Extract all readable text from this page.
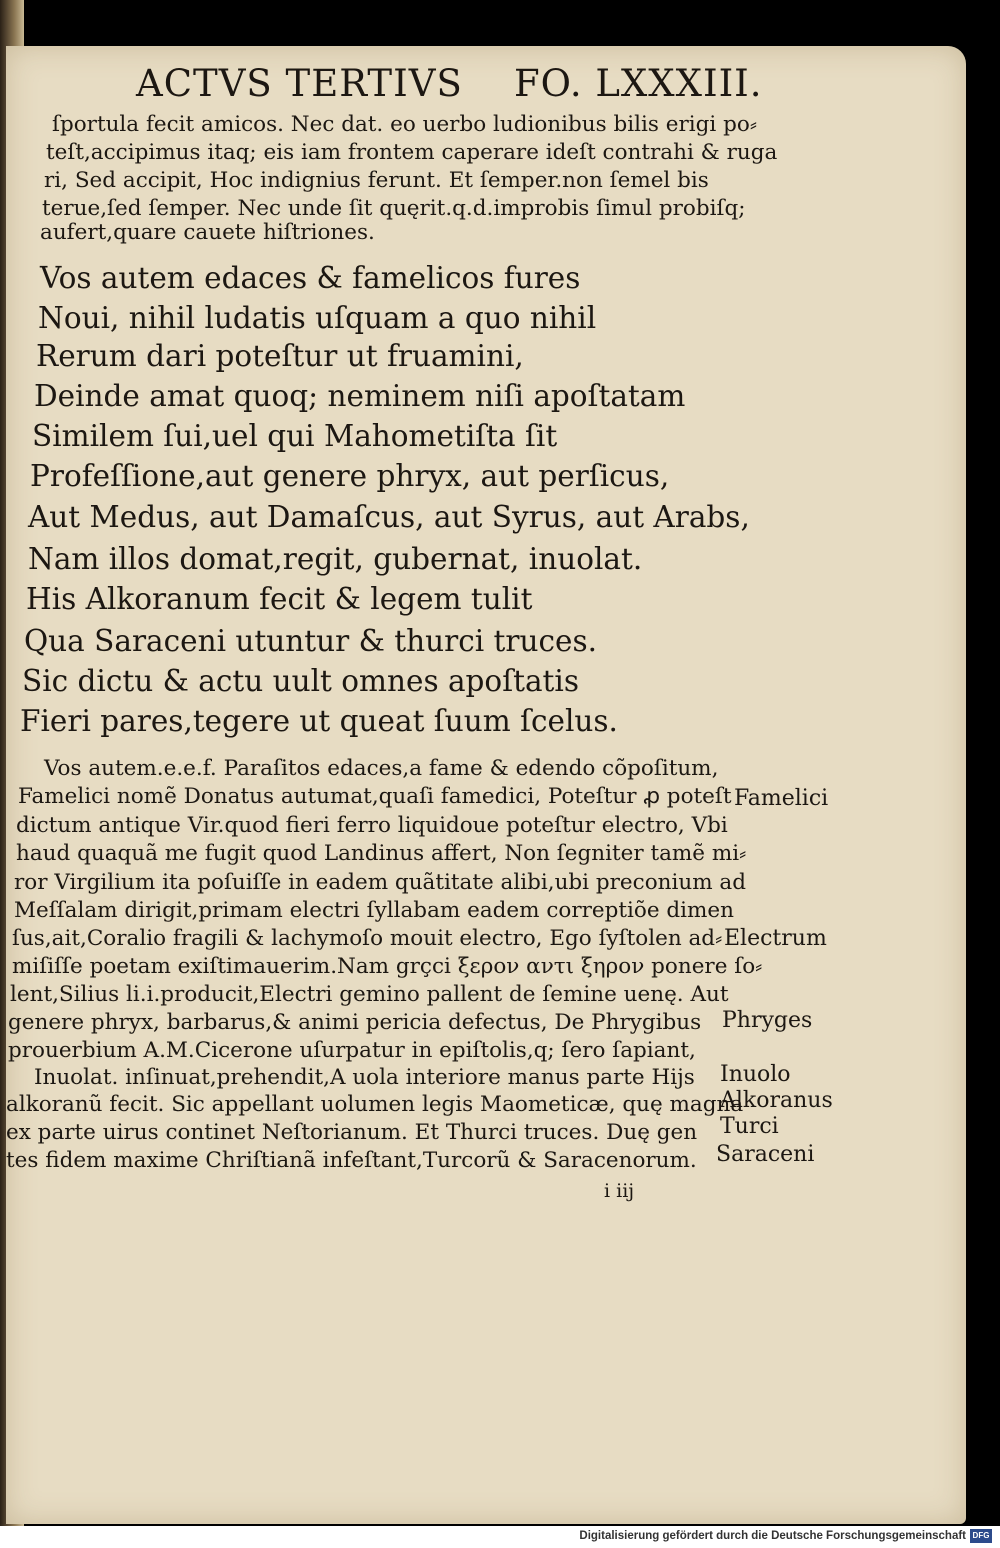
ACTVS TERTIVS FO. LXXXIII.
ſportula fecit amicos. Nec dat. eo uerbo ludionibus bilis erigi po⸗
teſt,accipimus itaq; eis iam frontem caperare ideſt contrahi & ruga
ri, Sed accipit, Hoc indignius ferunt. Et ſemper.non ſemel bis
terue,ſed ſemper. Nec unde ſit quęrit.q.d.improbis ſimul probiſq;
aufert,quare cauete hiſtriones.
Vos autem edaces & famelicos fures
Noui, nihil ludatis uſquam a quo nihil
Rerum dari poteſtur ut fruamini,
Deinde amat quoq; neminem niſi apoſtatam
Similem ſui,uel qui Mahometiſta ſit
Profeſſione,aut genere phryx, aut perſicus,
Aut Medus, aut Damaſcus, aut Syrus, aut Arabs,
Nam illos domat,regit, gubernat, inuolat.
His Alkoranum fecit & legem tulit
Qua Saraceni utuntur & thurci truces.
Sic dictu & actu uult omnes apoſtatis
Fieri pares,tegere ut queat ſuum ſcelus.
Vos autem.e.e.f. Paraſitos edaces,a fame & edendo cõpoſitum,
Famelici nomẽ Donatus autumat,quaſi famedici, Poteſtur ꝓ poteſt
dictum antique Vir.quod fieri ferro liquidoue poteſtur electro, Vbi
haud quaquã me fugit quod Landinus affert, Non ſegniter tamẽ mi⸗
ror Virgilium ita poſuiſſe in eadem quãtitate alibi,ubi preconium ad
Meſſalam dirigit,primam electri ſyllabam eadem correptiõe dimen
ſus,ait,Coralio fragili & lachymoſo mouit electro, Ego ſyſtolen ad⸗
miſiſſe poetam exiſtimauerim.Nam grçci ξερον αντι ξηρον ponere ſo⸗
lent,Silius li.i.producit,Electri gemino pallent de ſemine uenę. Aut
genere phryx, barbarus,& animi pericia defectus, De Phrygibus
prouerbium A.M.Cicerone uſurpatur in epiſtolis,q; ſero ſapiant,
Inuolat. inſinuat,prehendit,A uola interiore manus parte Hijs
alkoranũ fecit. Sic appellant uolumen legis Maometicæ, quę magna
ex parte uirus continet Neſtorianum. Et Thurci truces. Duę gen
tes fidem maxime Chriſtianã infeſtant,Turcorũ & Saracenorum.
Famelici
Electrum
Phryges
Inuolo
Alkoranus
Turci
Saraceni
i iij
Digitalisierung gefördert durch die Deutsche Forschungsgemeinschaft DFG
